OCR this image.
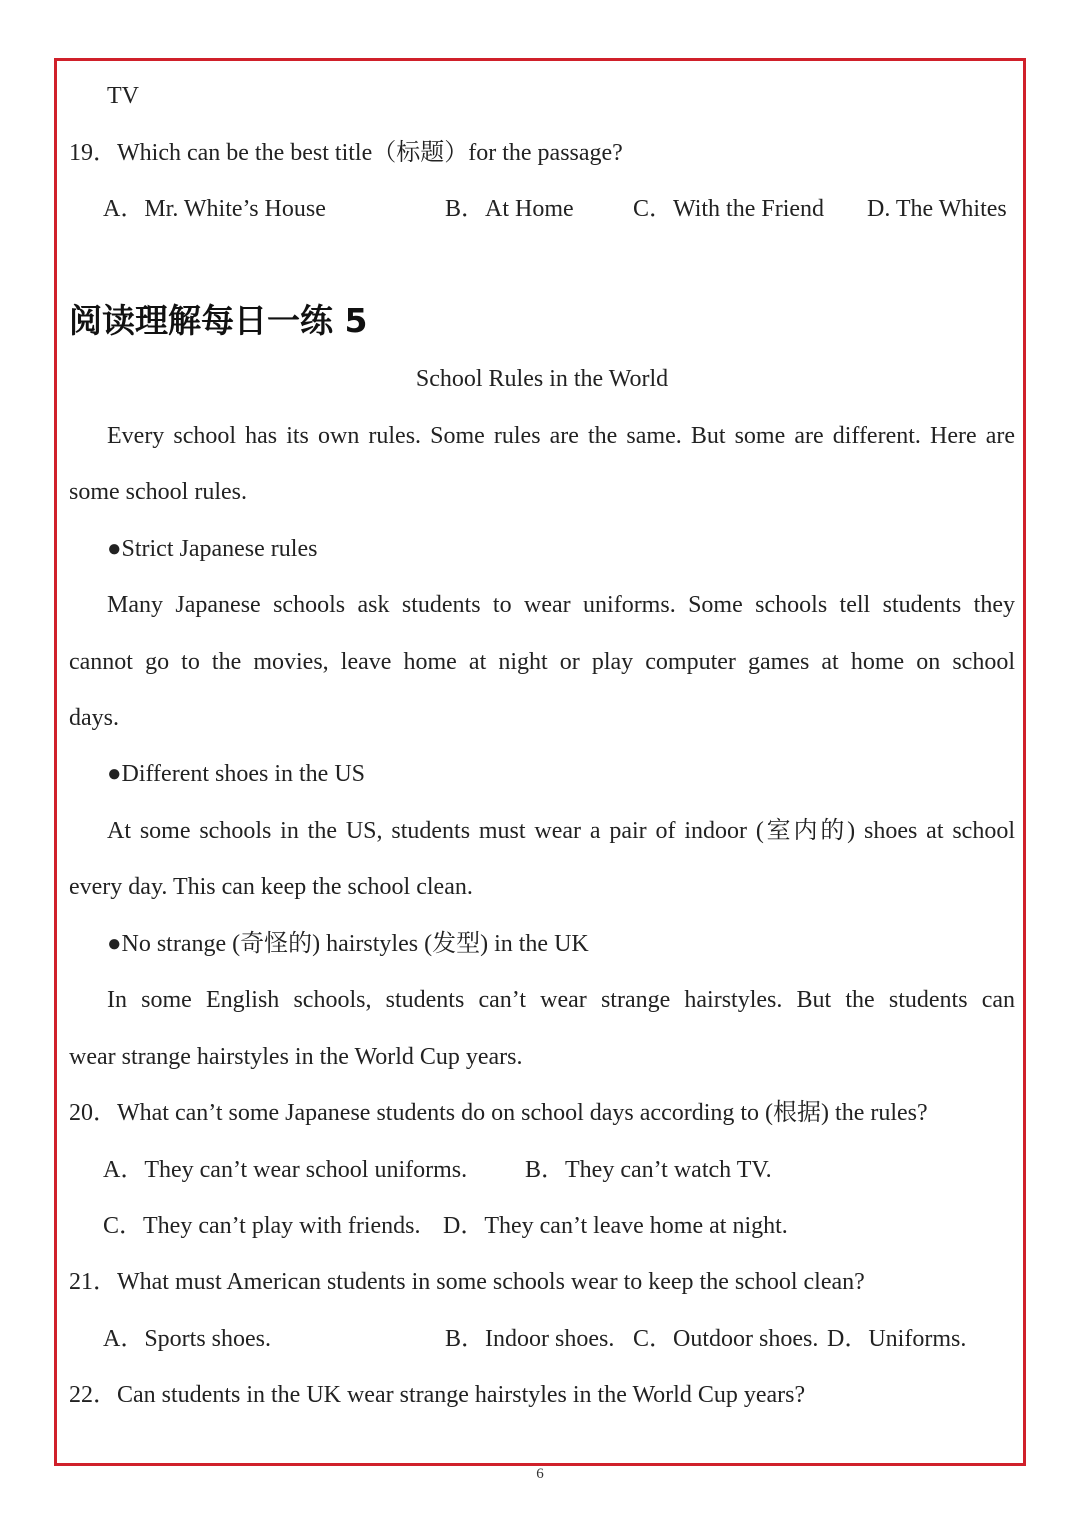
TV
19．Which can be the best title（标题）for the passage?
A．Mr. White’s House	B．At Home C．With the Friend D. The Whites
阅读理解每日一练 5
School Rules in the World
Every school has its own rules. Some rules are the same. But some are different. Here are
some school rules.
●Strict Japanese rules
Many Japanese schools ask students to wear uniforms. Some schools tell students they
cannot go to the movies, leave home at night or play computer games at home on school
days.
●Different shoes in the US
At some schools in the US, students must wear a pair of indoor (室内的) shoes at school
every day. This can keep the school clean.
●No strange (奇怪的) hairstyles (发型) in the UK
In some English schools, students can’t wear strange hairstyles. But the students can
wear strange hairstyles in the World Cup years.
20．What can’t some Japanese students do on school days according to (根据) the rules?
A．They can’t wear school uniforms. B．They can’t watch TV.
C．They can’t play with friends. D．They can’t leave home at night.
21．What must American students in some schools wear to keep the school clean?
A．Sports shoes.	B．Indoor shoes. C．Outdoor shoes. D．Uniforms.
22．Can students in the UK wear strange hairstyles in the World Cup years?
6
